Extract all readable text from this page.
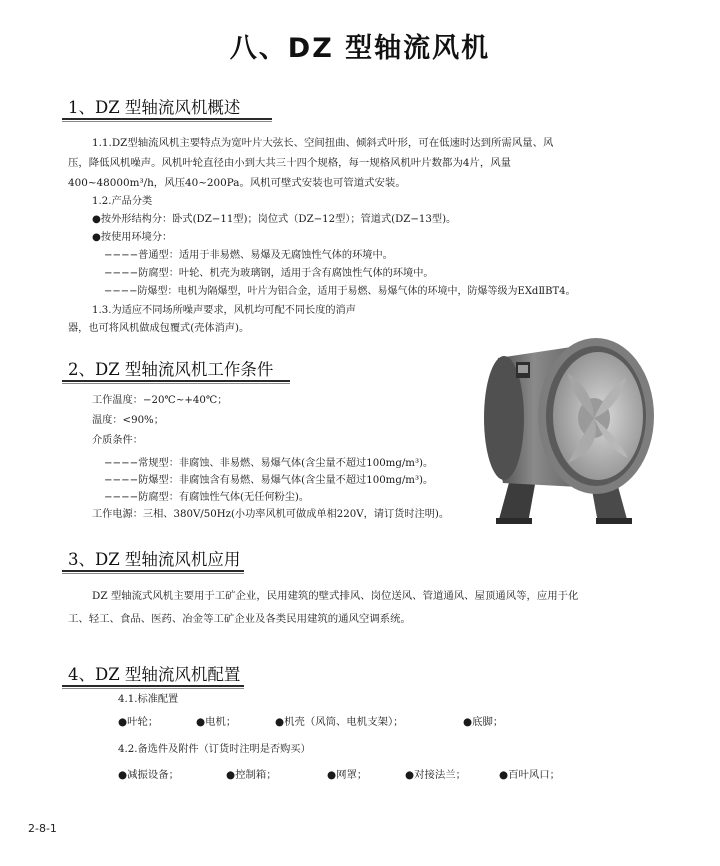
八、DZ 型轴流风机
1、DZ 型轴流风机概述
1.1.DZ型轴流风机主要特点为宽叶片大弦长、空间扭曲、倾斜式叶形，可在低速时达到所需风量、风
压，降低风机噪声。风机叶轮直径由小到大共三十四个规格，每一规格风机叶片数都为4片，风量
400~48000m³/h，风压40~200Pa。风机可壁式安装也可管道式安装。
1.2.产品分类
●按外形结构分：卧式(DZ−11型)；岗位式（DZ−12型）；管道式(DZ−13型)。
●按使用环境分：
−−−−普通型：适用于非易燃、易爆及无腐蚀性气体的环境中。
−−−−防腐型：叶轮、机壳为玻璃钢，适用于含有腐蚀性气体的环境中。
−−−−防爆型：电机为隔爆型，叶片为铝合金，适用于易燃、易爆气体的环境中，防爆等级为EXdⅡBT4。
1.3.为适应不同场所噪声要求，风机均可配不同长度的消声
器，也可将风机做成包覆式(壳体消声)。
2、DZ 型轴流风机工作条件
工作温度：−20℃~+40℃；
温度：<90%；
介质条件：
−−−−常规型：非腐蚀、非易燃、易爆气体(含尘量不超过100mg/m³)。
−−−−防爆型：非腐蚀含有易燃、易爆气体(含尘量不超过100mg/m³)。
−−−−防腐型：有腐蚀性气体(无任何粉尘)。
工作电源：三相、380V/50Hz(小功率风机可做成单相220V，请订货时注明)。
3、DZ 型轴流风机应用
DZ 型轴流式风机主要用于工矿企业，民用建筑的壁式排风、岗位送风、管道通风、屋顶通风等，应用于化
工、轻工、食品、医药、冶金等工矿企业及各类民用建筑的通风空调系统。
4、DZ 型轴流风机配置
4.1.标准配置
●叶轮；	●电机；	●机壳（风筒、电机支架）；	●底脚；
4.2.备选件及附件（订货时注明是否购买）
●减振设备；	●控制箱；	●网罩；	●对接法兰；	●百叶风口；
2-8-1
